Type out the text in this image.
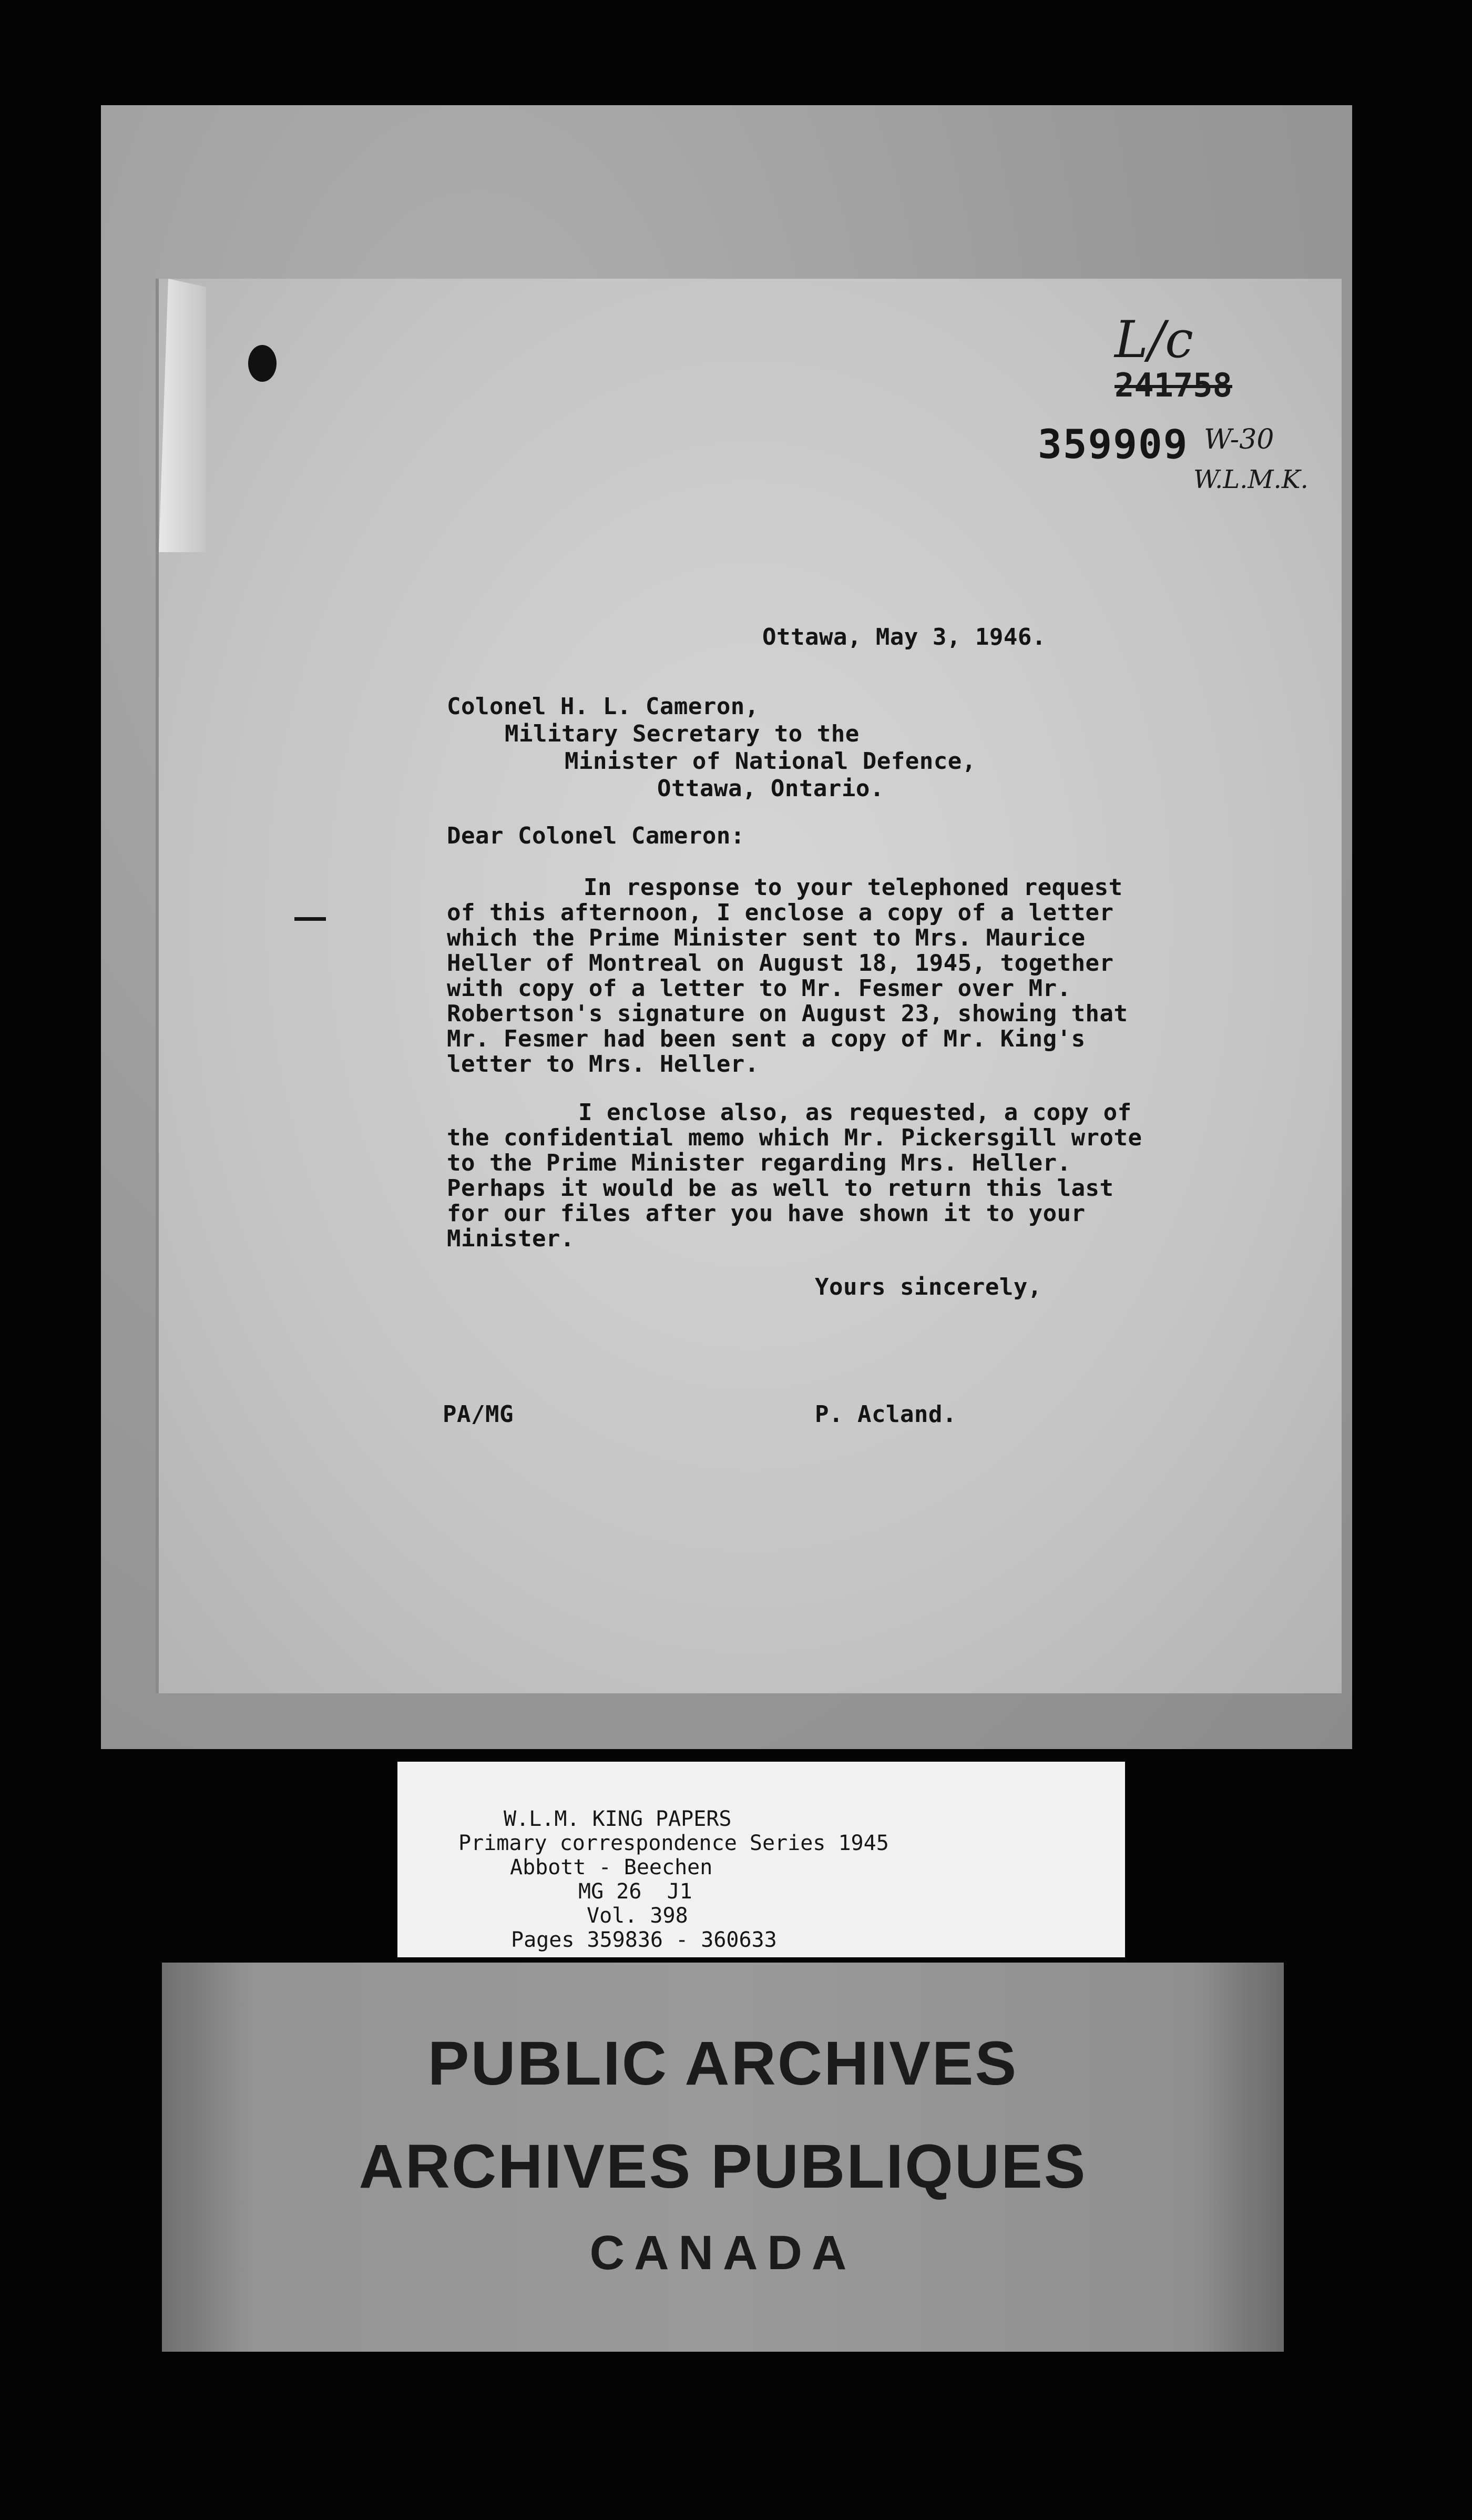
L/c
241758
359909 W-30
W.L.M.K.
Ottawa, May 3, 1946.
Colonel H. L. Cameron,
Military Secretary to the
Minister of National Defence,
Ottawa, Ontario.
Dear Colonel Cameron:
In response to your telephoned request
of this afternoon, I enclose a copy of a letter
which the Prime Minister sent to Mrs. Maurice
Heller of Montreal on August 18, 1945, together
with copy of a letter to Mr. Fesmer over Mr.
Robertson's signature on August 23, showing that
Mr. Fesmer had been sent a copy of Mr. King's
letter to Mrs. Heller.
I enclose also, as requested, a copy of
the confidential memo which Mr. Pickersgill wrote
to the Prime Minister regarding Mrs. Heller.
Perhaps it would be as well to return this last
for our files after you have shown it to your
Minister.
Yours sincerely,
PA/MG	P. Acland.
W.L.M. KING PAPERS
Primary correspondence Series 1945
Abbott - Beechen
MG 26  J1
Vol. 398
Pages 359836 - 360633
PUBLIC ARCHIVES
ARCHIVES PUBLIQUES
CANADA
